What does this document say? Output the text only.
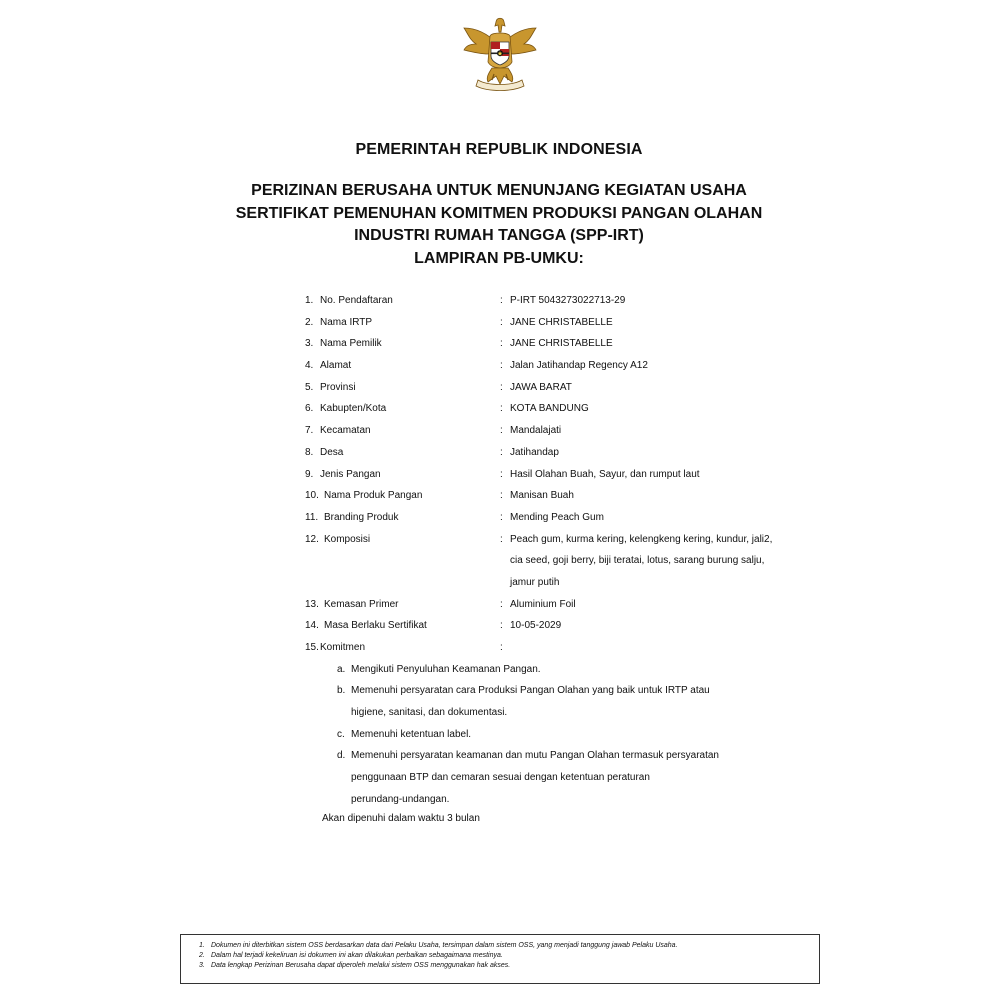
PEMERINTAH REPUBLIK INDONESIA
PERIZINAN BERUSAHA UNTUK MENUNJANG KEGIATAN USAHA
SERTIFIKAT PEMENUHAN KOMITMEN PRODUKSI PANGAN OLAHAN
INDUSTRI RUMAH TANGGA (SPP-IRT)
LAMPIRAN PB-UMKU:
1. No. Pendaftaran	: P-IRT 5043273022713-29
2. Nama IRTP	: JANE CHRISTABELLE
3. Nama Pemilik	: JANE CHRISTABELLE
4. Alamat	: Jalan Jatihandap Regency A12
5. Provinsi	: JAWA BARAT
6. Kabupten/Kota	: KOTA BANDUNG
7. Kecamatan	: Mandalajati
8. Desa	: Jatihandap
9. Jenis Pangan	: Hasil Olahan Buah, Sayur, dan rumput laut
10. Nama Produk Pangan	: Manisan Buah
11. Branding Produk	: Mending Peach Gum
12. Komposisi	: Peach gum, kurma kering, kelengkeng kering, kundur, jali2,
cia seed, goji berry, biji teratai, lotus, sarang burung salju,
jamur putih
13. Kemasan Primer	: Aluminium Foil
14. Masa Berlaku Sertifikat	: 10-05-2029
15. Komitmen	:
a. Mengikuti Penyuluhan Keamanan Pangan.
b. Memenuhi persyaratan cara Produksi Pangan Olahan yang baik untuk IRTP atau
higiene, sanitasi, dan dokumentasi.
c. Memenuhi ketentuan label.
d. Memenuhi persyaratan keamanan dan mutu Pangan Olahan termasuk persyaratan
penggunaan BTP dan cemaran sesuai dengan ketentuan peraturan
perundang-undangan.
Akan dipenuhi dalam waktu 3 bulan
1. Dokumen ini diterbitkan sistem OSS berdasarkan data dari Pelaku Usaha, tersimpan dalam sistem OSS, yang menjadi tanggung jawab Pelaku Usaha.
2. Dalam hal terjadi kekeliruan isi dokumen ini akan dilakukan perbaikan sebagaimana mestinya.
3. Data lengkap Perizinan Berusaha dapat diperoleh melalui sistem OSS menggunakan hak akses.
